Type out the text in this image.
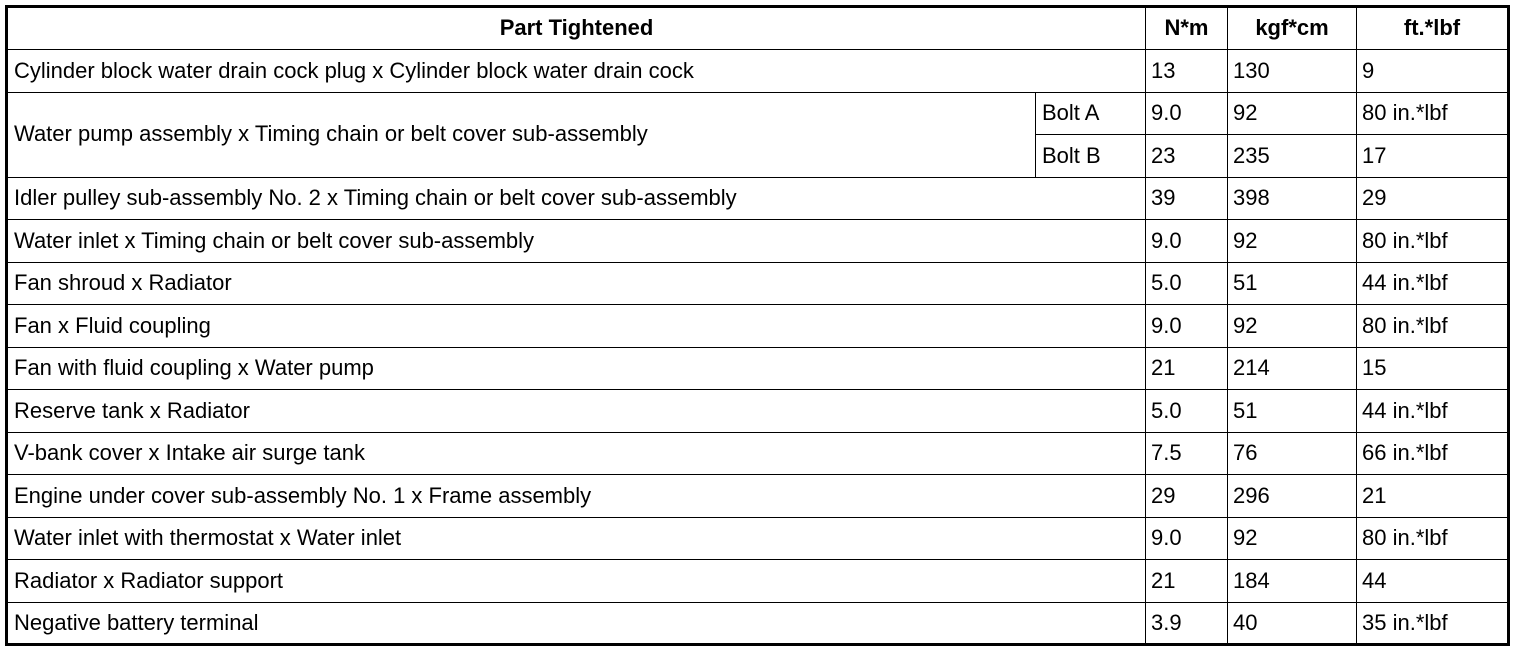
Part Tightened		N*m	kgf*cm	ft.*lbf
Cylinder block water drain cock plug x Cylinder block water drain cock		13	130	9
Water pump assembly x Timing chain or belt cover sub-assembly	Bolt A	9.0	92	80 in.*lbf
	Bolt B	23	235	17
Idler pulley sub-assembly No. 2 x Timing chain or belt cover sub-assembly		39	398	29
Water inlet x Timing chain or belt cover sub-assembly		9.0	92	80 in.*lbf
Fan shroud x Radiator		5.0	51	44 in.*lbf
Fan x Fluid coupling		9.0	92	80 in.*lbf
Fan with fluid coupling x Water pump		21	214	15
Reserve tank x Radiator		5.0	51	44 in.*lbf
V-bank cover x Intake air surge tank		7.5	76	66 in.*lbf
Engine under cover sub-assembly No. 1 x Frame assembly		29	296	21
Water inlet with thermostat x Water inlet		9.0	92	80 in.*lbf
Radiator x Radiator support		21	184	44
Negative battery terminal		3.9	40	35 in.*lbf
